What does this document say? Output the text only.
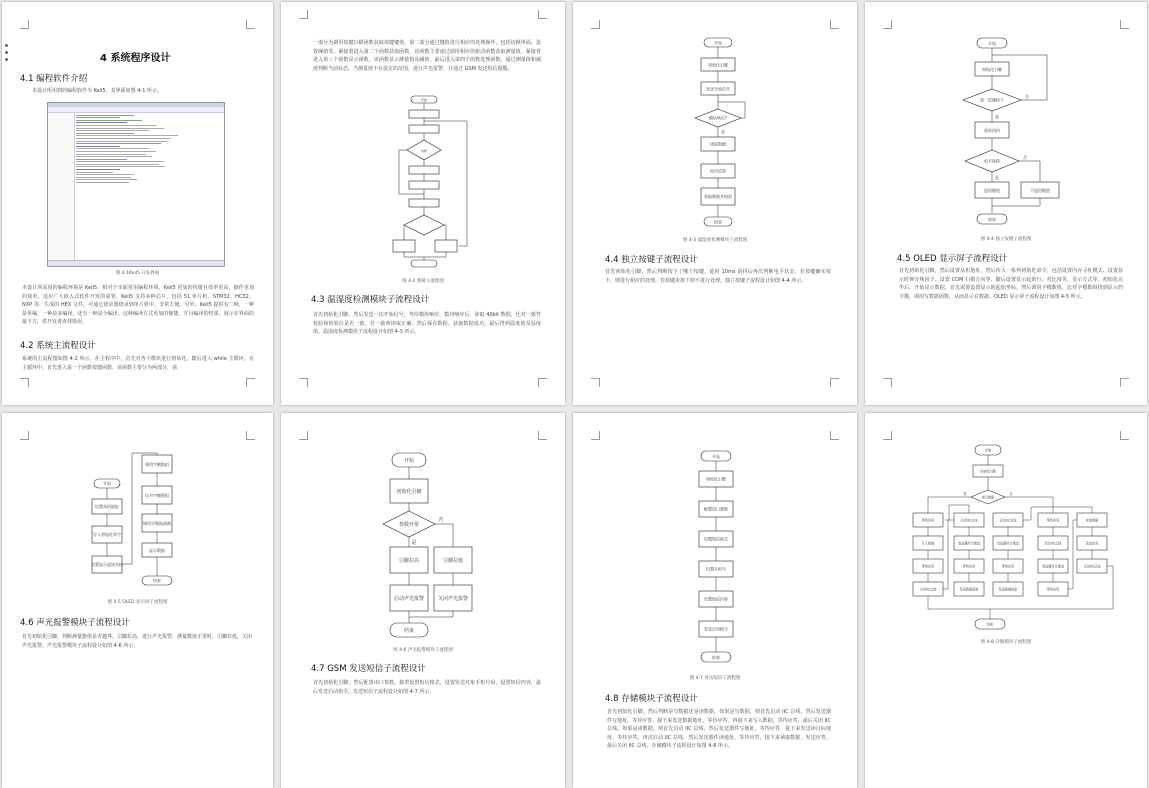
4 系统程序设计
4.1 编程软件介绍
本设计所用到的编程软件为 Keil5，其界面如图 4-1 所示。
图 4-1Keil5 开发界面
本设计所采用的编程环境是 Keil5，相对于市面常用编程环境，Keil5 更加的快捷且效率更高，操作更加的简单，适应广大嵌入式软件开发的需要，Keil5 支持多种芯片，包括 51 单片机、STM32、HC32、NXP 等。生成的 HEX 文件，可通过烧录器烧录到单片机中，非常方便。另外，Keil5 提供有二种，一种是单编，一种是多编译。还有一种是全编译。这种编译方式更加的便捷，并目编译的结果，展示在界面的最下方，供开发者查找错误。
4.2 系统主流程设计
系统的主流程图如图 4-2 所示。在主程序中，首先对各个模块进行初始化，随后进入 while 主循环，在主循环中，首先进入第一个函数按键函数，该函数主要分为两部分，第
一部分为调用按键扫描函数获取按键键值，第二部分通过键值进行相应的处理操作，包括切换界面、设置阈值等。紧接着进入第二个函数获取函数，该函数主要通过调用相应的驱动函数获取测量值。紧接着进入第三个函数显示函数，该函数显示测量值及阈值。最后进入第四个函数处理函数，通过测量值和阈值判断当前状态，当测量值不在设定的范围，进行声光报警，并通过 GSM 发送短信提醒。
开始
判断
图 4-2 系统主流程图
4.3 温湿度检测模块子流程设计
首先初始化引脚，然后发送一次开始信号，等待模块响应，模块响应后，读取 40bit 数据，比对一致性校验和校验位是否一致，若一致则读取正确，然后保存数据，获取数据成功，最后得到温度值及湿度值。温湿度检测模块子流程设计如图 4-3 所示。
开始
初始化引脚
发送开始信号
模块响应?
读取数据
校对结果
获取数据并校验
结束
是
图 4-3 温湿度检测模块子流程图
4.4 独立按键子流程设计
首先初始化引脚，然后判断按下了哪个按键，延时 10ms 消抖后再次判断电平状态，若按键确实按下，则进行相应的处理，若按键未按下则不进行处理。独立按键子流程设计如图 4-4 所示。
开始
初始化引脚
第一次键按下
延时消抖
电平保持
返回键值	不返回键值
结束
是
是
否
否
图 4-4 独立按键子流程图
4.5 OLED 显示屏子流程设计
首先初始化引脚，然后设置从机地址，然后传入一系列初始化命令，包括设置内存寻址模式、设置显示时钟分频因子、设置 COM 扫描方向等，随后设置显示起始行、对比度等，显示方式等。初始化完毕后，开始显示数据，首先需要设置显示的起始坐标，然后调用字模数组，比对字模数组找到显示的字模，调用写数据函数，从而显示在数据。OLED 显示屏子流程设计如图 4-5 所示。
开始
设置从机地址
写入初始化命令
设置显示起始坐标
调用字模数组
比对字模数组
调用写数据函数
显示数据
结束
图 4-5 OLED 显示屏子流程图
4.6 声光报警模块子流程设计
首先初始化引脚，判断测量数值是否越界，引脚拉高，进行声光报警，测量数值正常时，引脚拉低，关闭声光报警。声光报警模块子流程设计如图 4-6 所示。
开始
初始化引脚
参数异常
引脚拉高	引脚拉低
启动声光报警	关闭声光报警
结束
是
否
图 4-6 声光报警模块子流程图
4.7 GSM 发送短信子流程设计
首先初始化引脚，然后配置串口参数，接着设置短信格式，设置发送对象手机号码，设置短信内容，最后发送启动指令，发送短信子流程设计如图 4-7 所示。
开始
初始化引脚
配置串口参数
设置短信格式
设置手机号
设置短信内容
发送启动指令
结束
图 4-7 发送短信子流程图
4.8 存储模块子流程设计
首先初始化引脚，然后判断是写数据还是读数据，如果是写数据，则首先启动 IIC 总线，然后发送器件写地址，等待应答，接下来发送数据地址，等待应答，再接下来写入数据，等待应答，最后关闭 IIC 总线。如果是读数据，则首先启动 IIC 总线，然后发送器件写地址，等待应答，接下来发送读目标地址，等待应答，再次启动 IIC 总线，然后发送器件读地址，等待应答，接下来读取数据，发送应答，最后关闭 IIC 总线。存储模块子流程设计如图 4-8 所示。
开始
初始化引脚
读写数据
等待应答	启动IIC总线	启动IIC总线	等待应答	读取数据
写入数据	发送器件写地址	发送器件写地址	启动IIC总线	发送应答
等待应答	等待应答	等待应答	发送器件写地址	关闭IIC总线
关闭IIC总线	发送数据地址	发送数据地址	等待应答
结束
是	否
图 4-8 存储模块子流程图
